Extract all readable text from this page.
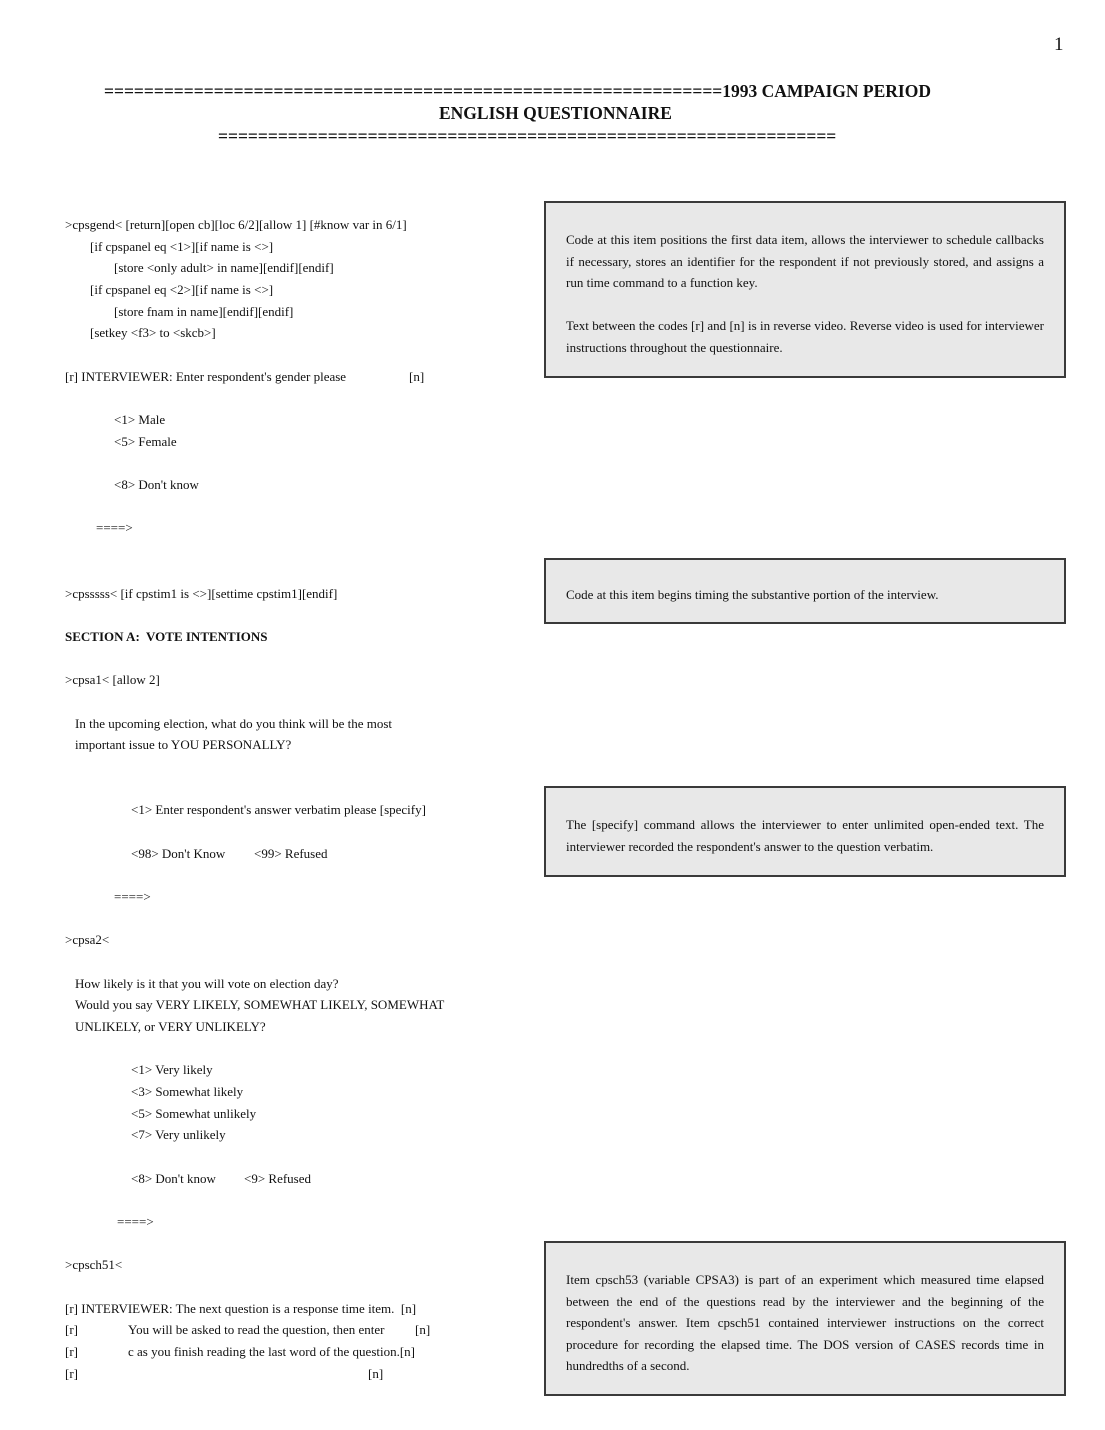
1
==============================================================1993 CAMPAIGN PERIOD
ENGLISH QUESTIONNAIRE
==============================================================
>cpsgend< [return][open cb][loc 6/2][allow 1] [#know var in 6/1]
[if cpspanel eq <1>][if name is <>]
[store <only adult> in name][endif][endif]
[if cpspanel eq <2>][if name is <>]
[store fnam in name][endif][endif]
[setkey <f3> to <skcb>]
[r] INTERVIEWER: Enter respondent's gender please	[n]
<1> Male
<5> Female
<8> Don't know
====>
>cpsssss< [if cpstim1 is <>][settime cpstim1][endif]
SECTION A:  VOTE INTENTIONS
>cpsa1< [allow 2]
In the upcoming election, what do you think will be the most
important issue to YOU PERSONALLY?
<1> Enter respondent's answer verbatim please [specify]
<98> Don't Know <99> Refused
====>
>cpsa2<
How likely is it that you will vote on election day?
Would you say VERY LIKELY, SOMEWHAT LIKELY, SOMEWHAT
UNLIKELY, or VERY UNLIKELY?
<1> Very likely
<3> Somewhat likely
<5> Somewhat unlikely
<7> Very unlikely
<8> Don't know <9> Refused
====>
>cpsch51<
[r] INTERVIEWER: The next question is a response time item.  [n]
[r]	You will be asked to read the question, then enter [n]
[r]	c as you finish reading the last word of the question.[n]
[r]	[n]

Code at this item positions the first data item, allows the interviewer to schedule callbacks if necessary, stores an identifier for the respondent if not previously stored, and assigns a run time command to a function key.

Text between the codes [r] and [n] is in reverse video. Reverse video is used for interviewer instructions throughout the questionnaire.

Code at this item begins timing the substantive portion of the interview.

The [specify] command allows the interviewer to enter unlimited open-ended text. The interviewer recorded the respondent's answer to the question verbatim.

Item cpsch53 (variable CPSA3) is part of an experiment which measured time elapsed between the end of the questions read by the interviewer and the beginning of the respondent's answer. Item cpsch51 contained interviewer instructions on the correct procedure for recording the elapsed time. The DOS version of CASES records time in hundredths of a second.
